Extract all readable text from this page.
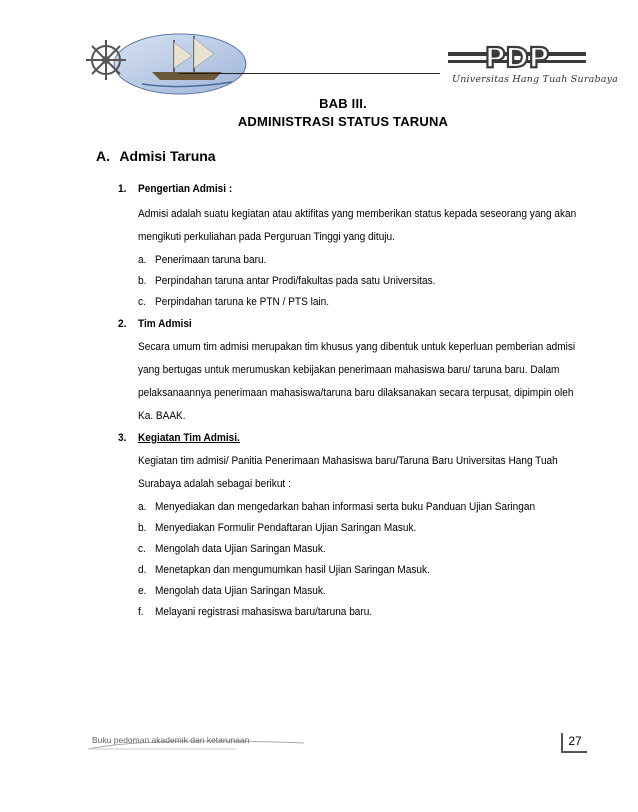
PDP
Universitas Hang Tuah Surabaya
BAB III.
ADMINISTRASI STATUS TARUNA
A. Admisi Taruna
1. Pengertian Admisi :
Admisi adalah suatu kegiatan atau aktifitas yang memberikan status kepada seseorang yang akan
mengikuti perkuliahan pada Perguruan Tinggi yang dituju.
a. Penerimaan taruna baru.
b. Perpindahan taruna antar Prodi/fakultas pada satu Universitas.
c. Perpindahan taruna ke PTN / PTS lain.
2. Tim Admisi
Secara umum tim admisi merupakan tim khusus yang dibentuk untuk keperluan pemberian admisi
yang bertugas untuk merumuskan kebijakan penerimaan mahasiswa baru/ taruna baru. Dalam
pelaksanaannya penerimaan mahasiswa/taruna baru dilaksanakan secara terpusat, dipimpin oleh
Ka. BAAK.
3. Kegiatan Tim Admisi.
Kegiatan tim admisi/ Panitia Penerimaan Mahasiswa baru/Taruna Baru Universitas Hang Tuah
Surabaya adalah sebagai berikut :
a. Menyediakan dan mengedarkan bahan informasi serta buku Panduan Ujian Saringan
b. Menyediakan Formulir Pendaftaran Ujian Saringan Masuk.
c. Mengolah data Ujian Saringan Masuk.
d. Menetapkan dan mengumumkan hasil Ujian Saringan Masuk.
e. Mengolah data Ujian Saringan Masuk.
f. Melayani registrasi mahasiswa baru/taruna baru.
Buku pedoman akademik dan ketarunaan	27
